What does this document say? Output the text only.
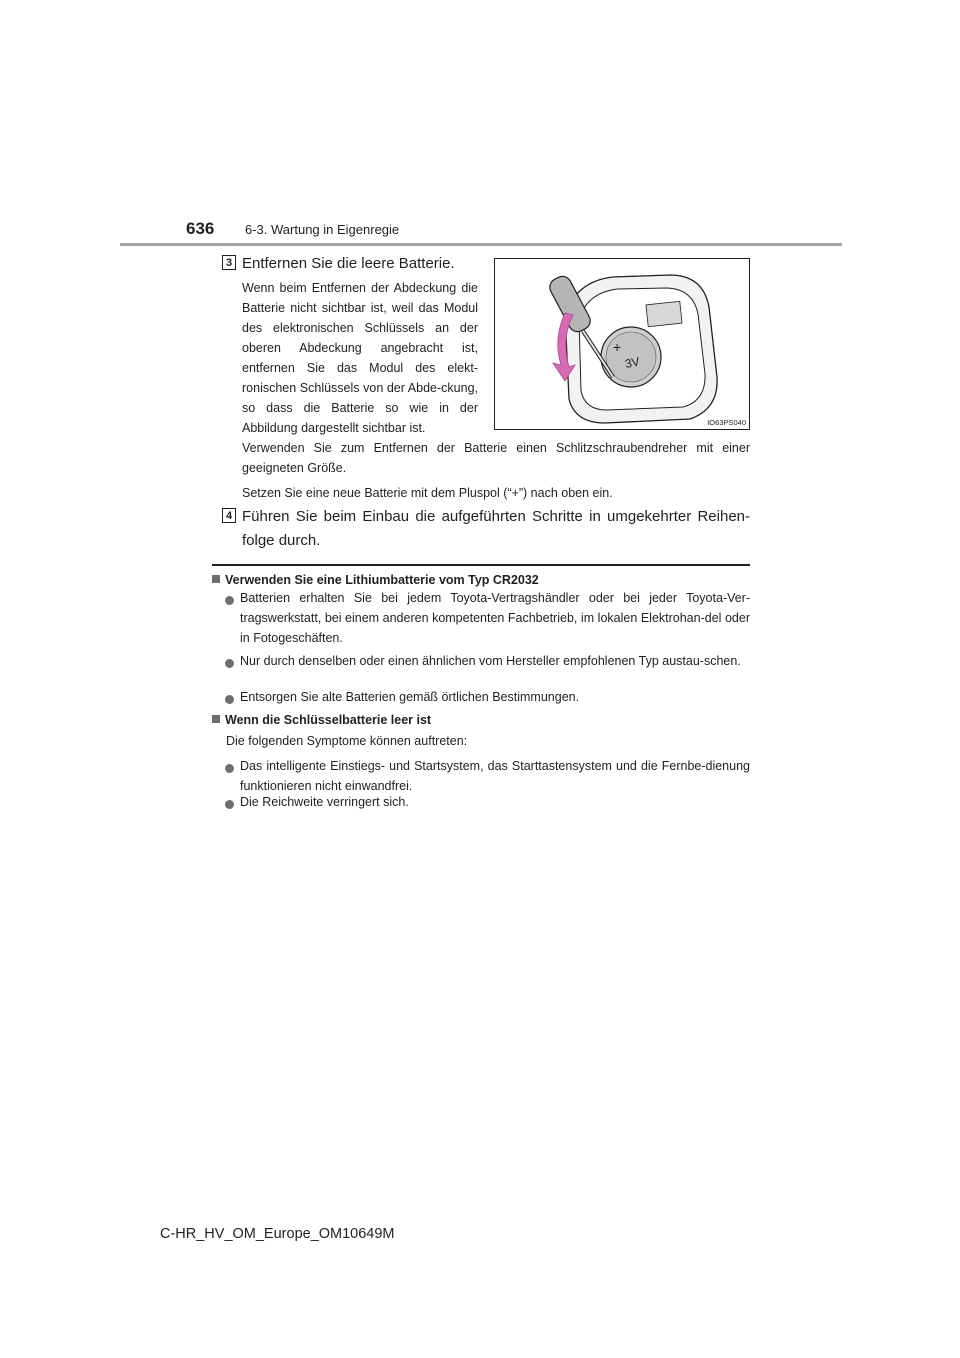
636 6-3. Wartung in Eigenregie
3 Entfernen Sie die leere Batterie.
Wenn beim Entfernen der Abdeckung die Batterie nicht sichtbar ist, weil das Modul des elektronischen Schlüssels an der oberen Abdeckung angebracht ist, entfernen Sie das Modul des elekt-ronischen Schlüssels von der Abde-ckung, so dass die Batterie so wie in der Abbildung dargestellt sichtbar ist.
+
3V
IO63PS040
Verwenden Sie zum Entfernen der Batterie einen Schlitzschraubendreher mit einer geeigneten Größe.
Setzen Sie eine neue Batterie mit dem Pluspol (“+”) nach oben ein.
4 Führen Sie beim Einbau die aufgeführten Schritte in umgekehrter Reihen-folge durch.
Verwenden Sie eine Lithiumbatterie vom Typ CR2032
Batterien erhalten Sie bei jedem Toyota-Vertragshändler oder bei jeder Toyota-Ver-tragswerkstatt, bei einem anderen kompetenten Fachbetrieb, im lokalen Elektrohan-del oder in Fotogeschäften.
Nur durch denselben oder einen ähnlichen vom Hersteller empfohlenen Typ austau-schen.
Entsorgen Sie alte Batterien gemäß örtlichen Bestimmungen.
Wenn die Schlüsselbatterie leer ist
Die folgenden Symptome können auftreten:
Das intelligente Einstiegs- und Startsystem, das Starttastensystem und die Fernbe-dienung funktionieren nicht einwandfrei.
Die Reichweite verringert sich.
C-HR_HV_OM_Europe_OM10649M
